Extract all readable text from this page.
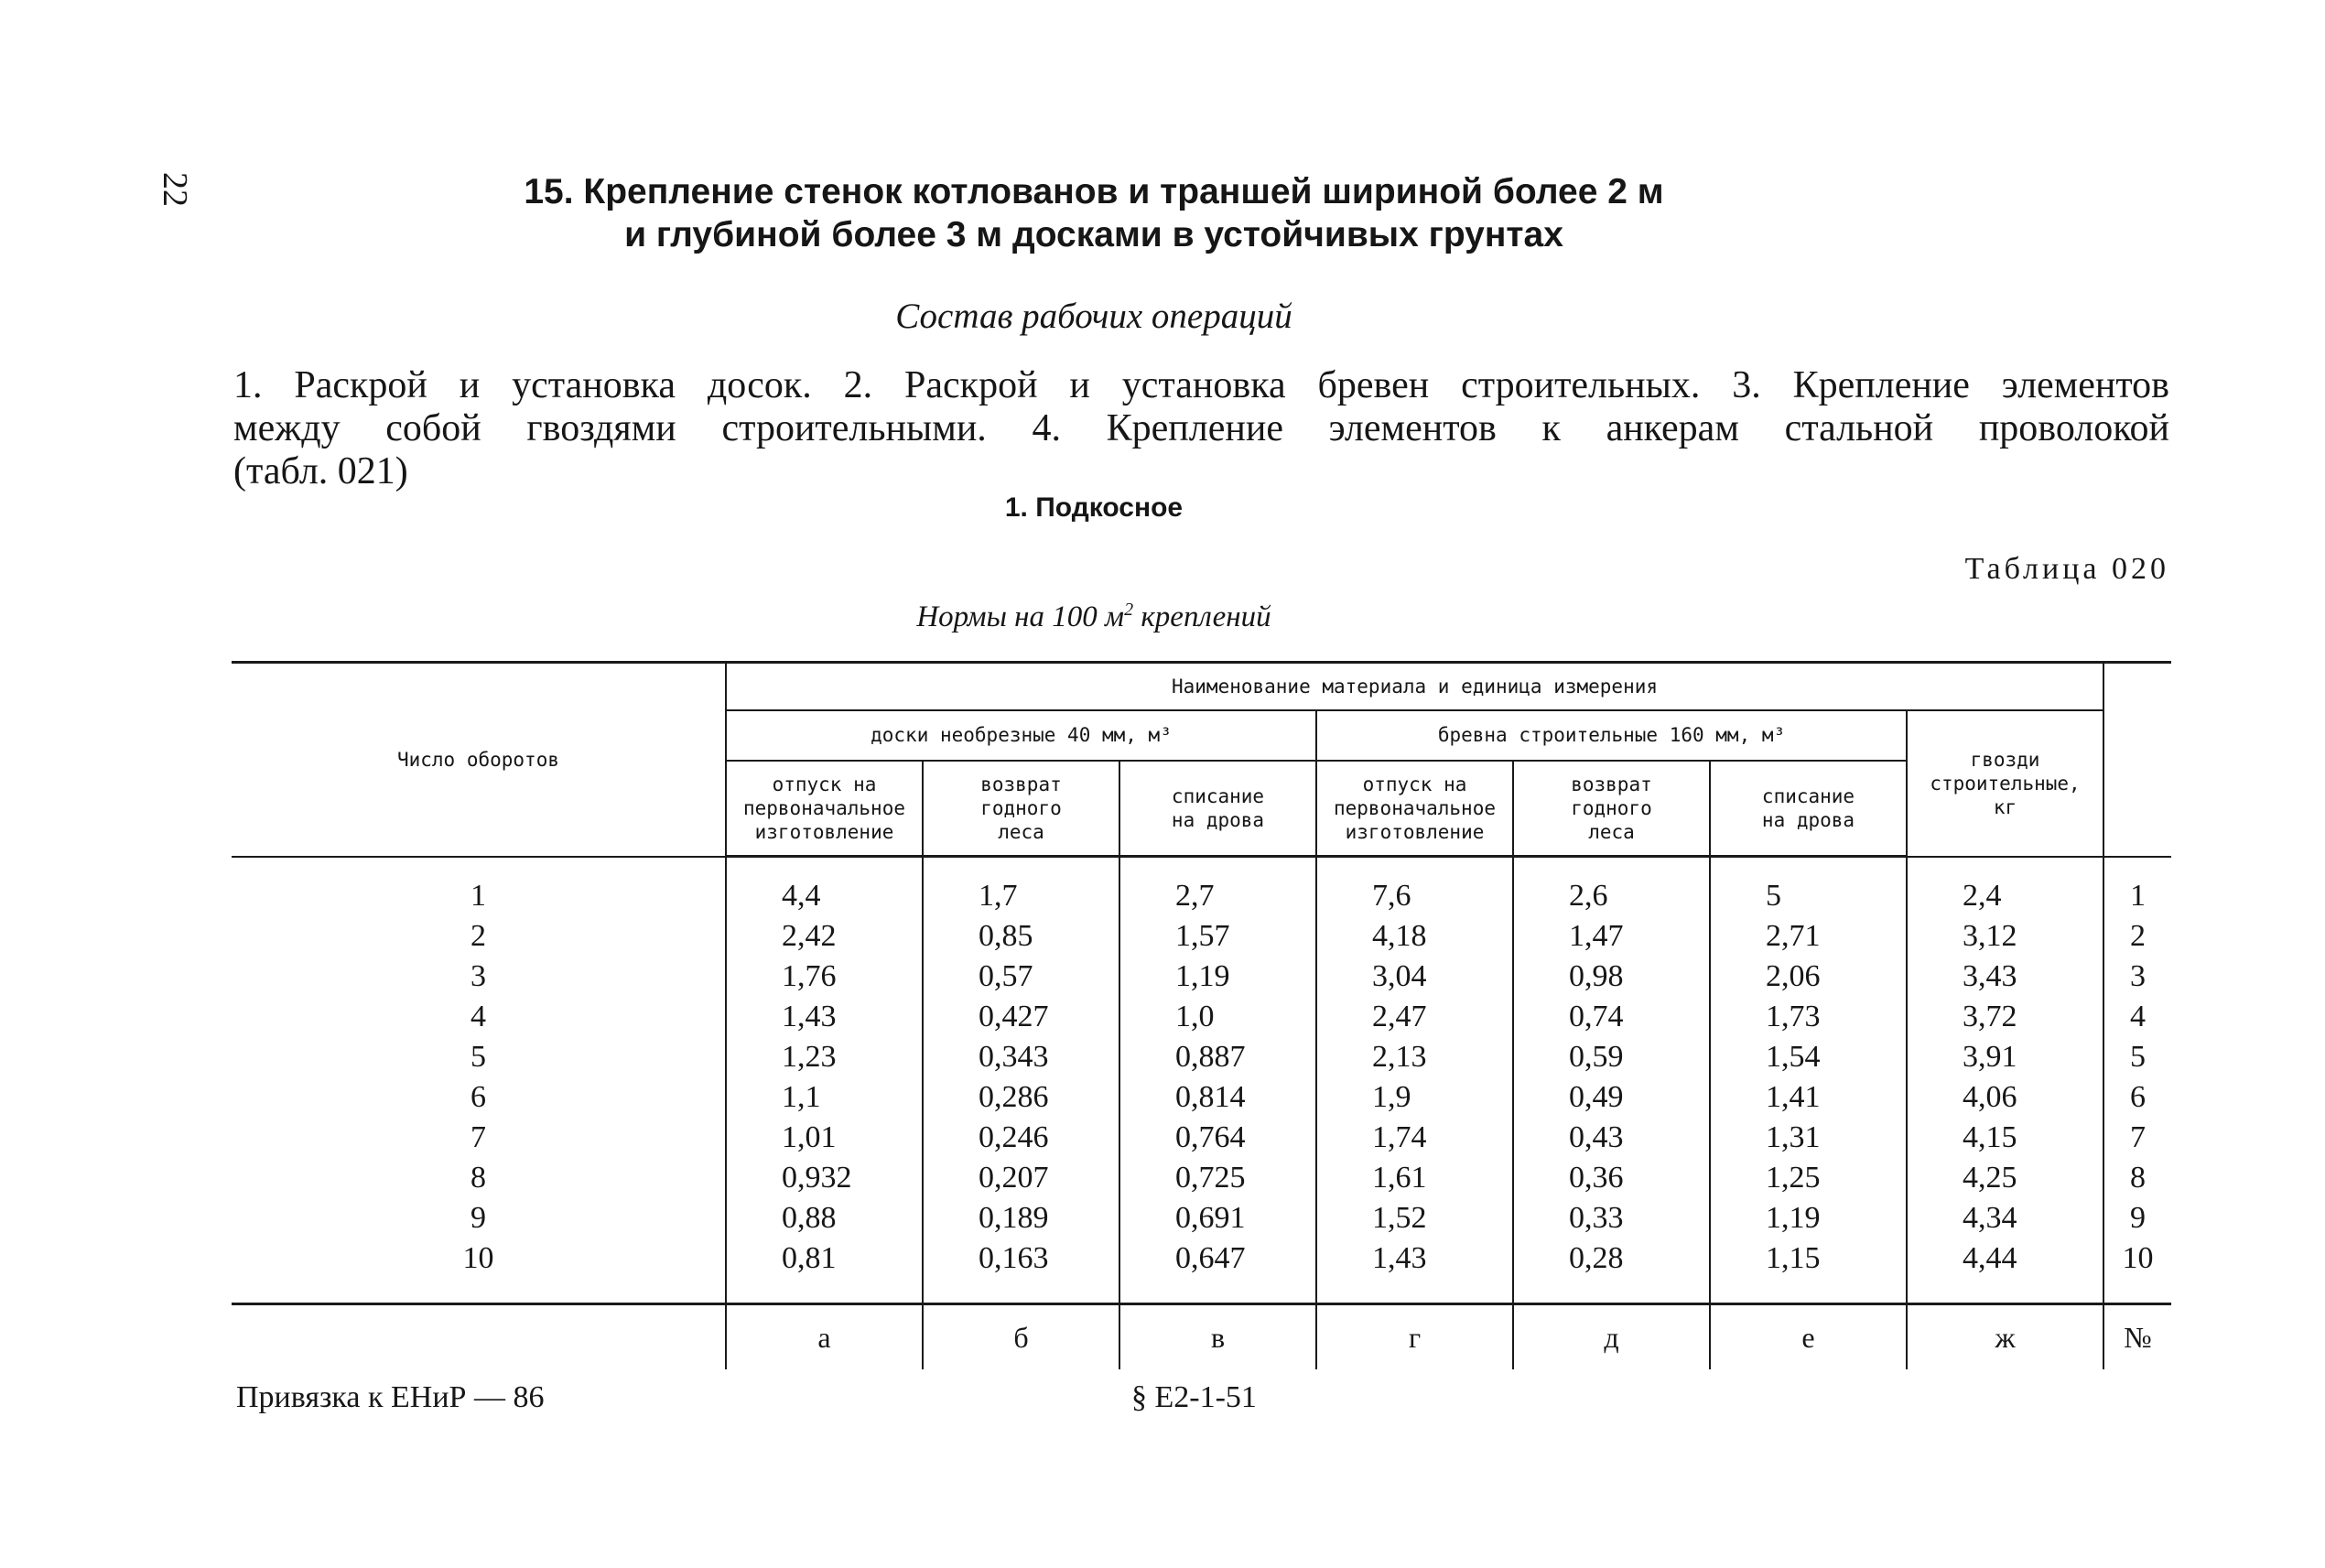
22	15. Крепление стенок котлованов и траншей шириной более 2 м
и глубиной более 3 м досками в устойчивых грунтах
Состав рабочих операций
1. Раскрой и установка досок. 2. Раскрой и установка бревен строительных. 3. Крепление элементов
между собой гвоздями строительными. 4. Крепление элементов к анкерам стальной проволокой
(табл. 021)
1. Подкосное
Таблица 020
Нормы на 100 $м^2$ креплений
Число оборотов	Наименование материала и единица измерения							
	доски необрезные 40 мм, м³			бревна строительные 160 мм, м³			гвозди строительные, кг	
	отпуск на первоначальное изготовление	возврат годного леса	списание на дрова	отпуск на первоначальное изготовление	возврат годного леса	списание на дрова		

1	4,4	1,7	2,7	7,6	2,6	5	2,4	1
2	2,42	0,85	1,57	4,18	1,47	2,71	3,12	2
3	1,76	0,57	1,19	3,04	0,98	2,06	3,43	3
4	1,43	0,427	1,0	2,47	0,74	1,73	3,72	4
5	1,23	0,343	0,887	2,13	0,59	1,54	3,91	5
6	1,1	0,286	0,814	1,9	0,49	1,41	4,06	6
7	1,01	0,246	0,764	1,74	0,43	1,31	4,15	7
8	0,932	0,207	0,725	1,61	0,36	1,25	4,25	8
9	0,88	0,189	0,691	1,52	0,33	1,19	4,34	9
10	0,81	0,163	0,647	1,43	0,28	1,15	4,44	10

	а	б	в	г	д	е	ж	№
Привязка к ЕНиР — 86	§ Е2-1-51
